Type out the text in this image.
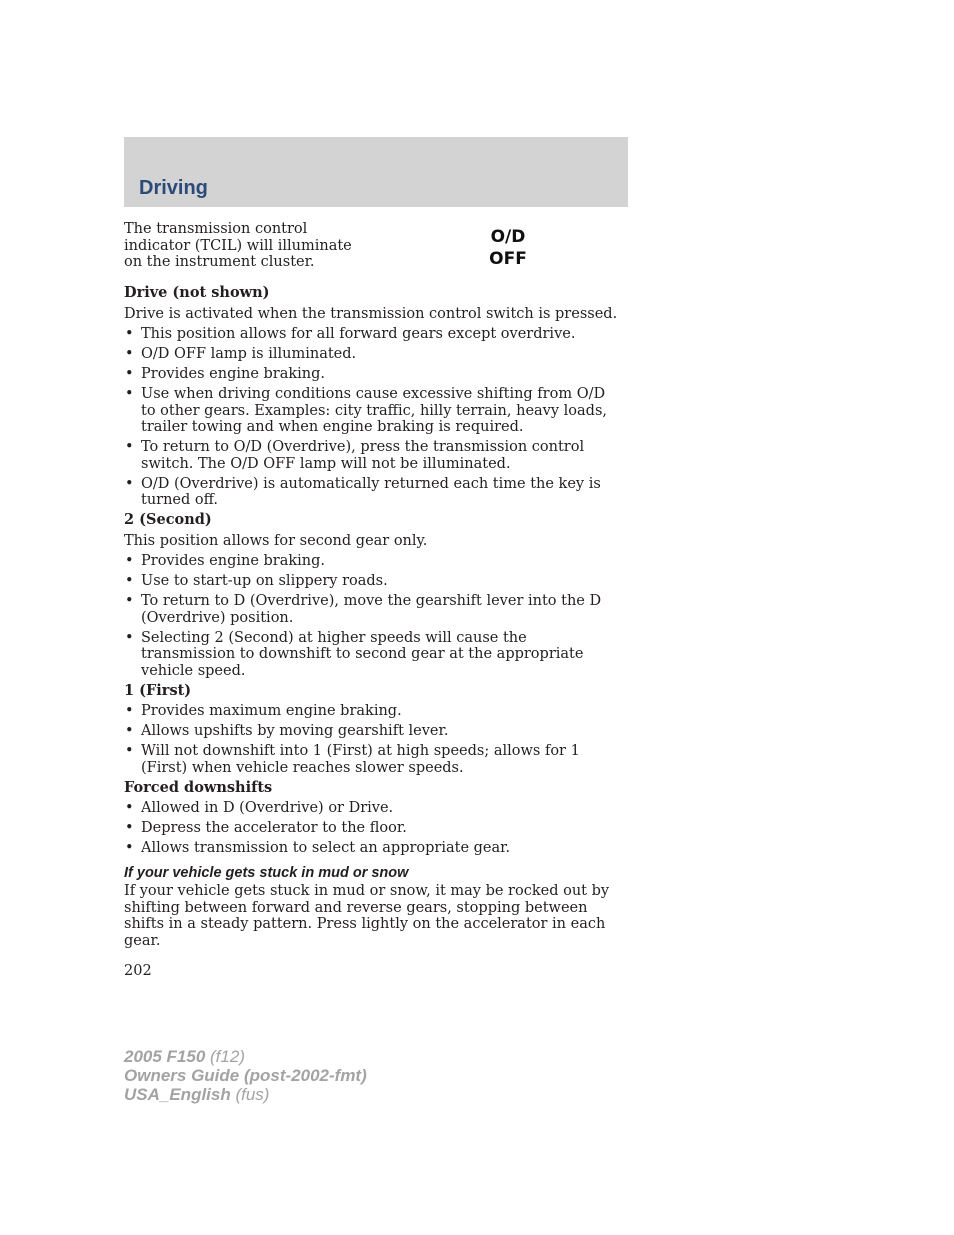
Driving

The transmission control indicator (TCIL) will illuminate on the instrument cluster.

O/D
OFF
Drive (not shown)

Drive is activated when the transmission control switch is pressed.

• This position allows for all forward gears except overdrive.
• O/D OFF lamp is illuminated.
• Provides engine braking.
• Use when driving conditions cause excessive shifting from O/D to other gears. Examples: city traffic, hilly terrain, heavy loads, trailer towing and when engine braking is required.
• To return to O/D (Overdrive), press the transmission control switch. The O/D OFF lamp will not be illuminated.
• O/D (Overdrive) is automatically returned each time the key is turned off.
2 (Second)

This position allows for second gear only.

• Provides engine braking.
• Use to start-up on slippery roads.
• To return to D (Overdrive), move the gearshift lever into the D (Overdrive) position.
• Selecting 2 (Second) at higher speeds will cause the transmission to downshift to second gear at the appropriate vehicle speed.
1 (First)
• Provides maximum engine braking.
• Allows upshifts by moving gearshift lever.
• Will not downshift into 1 (First) at high speeds; allows for 1 (First) when vehicle reaches slower speeds.
Forced downshifts
• Allowed in D (Overdrive) or Drive.
• Depress the accelerator to the floor.
• Allows transmission to select an appropriate gear.
If your vehicle gets stuck in mud or snow

If your vehicle gets stuck in mud or snow, it may be rocked out by shifting between forward and reverse gears, stopping between shifts in a steady pattern. Press lightly on the accelerator in each gear.

202
2005 F150 (f12)
Owners Guide (post-2002-fmt)
USA_English (fus)
